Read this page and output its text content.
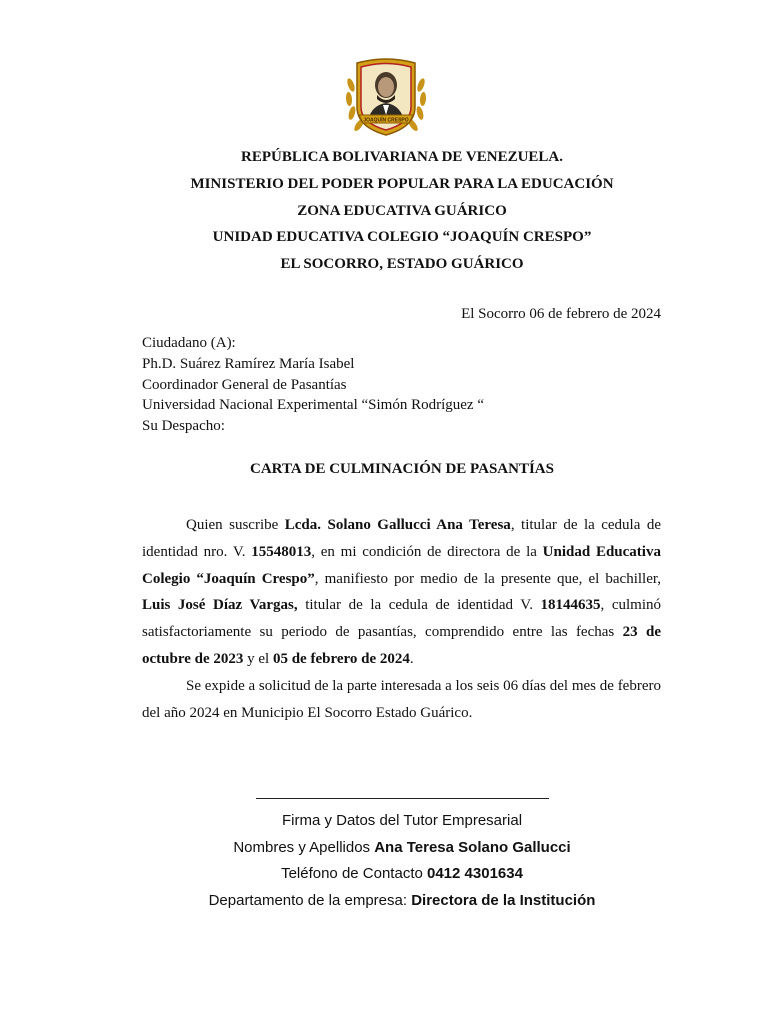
JOAQUÍN CRESPO
REPÚBLICA BOLIVARIANA DE VENEZUELA.
MINISTERIO DEL PODER POPULAR PARA LA EDUCACIÓN
ZONA EDUCATIVA GUÁRICO
UNIDAD EDUCATIVA COLEGIO “JOAQUÍN CRESPO”
EL SOCORRO, ESTADO GUÁRICO
El Socorro 06 de febrero de 2024
Ciudadano (A):
Ph.D. Suárez Ramírez María Isabel
Coordinador General de Pasantías
Universidad Nacional Experimental “Simón Rodríguez “
Su Despacho:
CARTA DE CULMINACIÓN DE PASANTÍAS

Quien suscribe Lcda. Solano Gallucci Ana Teresa, titular de la cedula de identidad nro. V. 15548013, en mi condición de directora de la Unidad Educativa Colegio “Joaquín Crespo”, manifiesto por medio de la presente que, el bachiller, Luis José Díaz Vargas, titular de la cedula de identidad V. 18144635, culminó satisfactoriamente su periodo de pasantías, comprendido entre las fechas 23 de octubre de 2023 y el 05 de febrero de 2024.

Se expide a solicitud de la parte interesada a los seis 06 días del mes de febrero del año 2024 en Municipio El Socorro Estado Guárico.

Firma y Datos del Tutor Empresarial
Nombres y Apellidos Ana Teresa Solano Gallucci
Teléfono de Contacto 0412 4301634
Departamento de la empresa: Directora de la Institución
